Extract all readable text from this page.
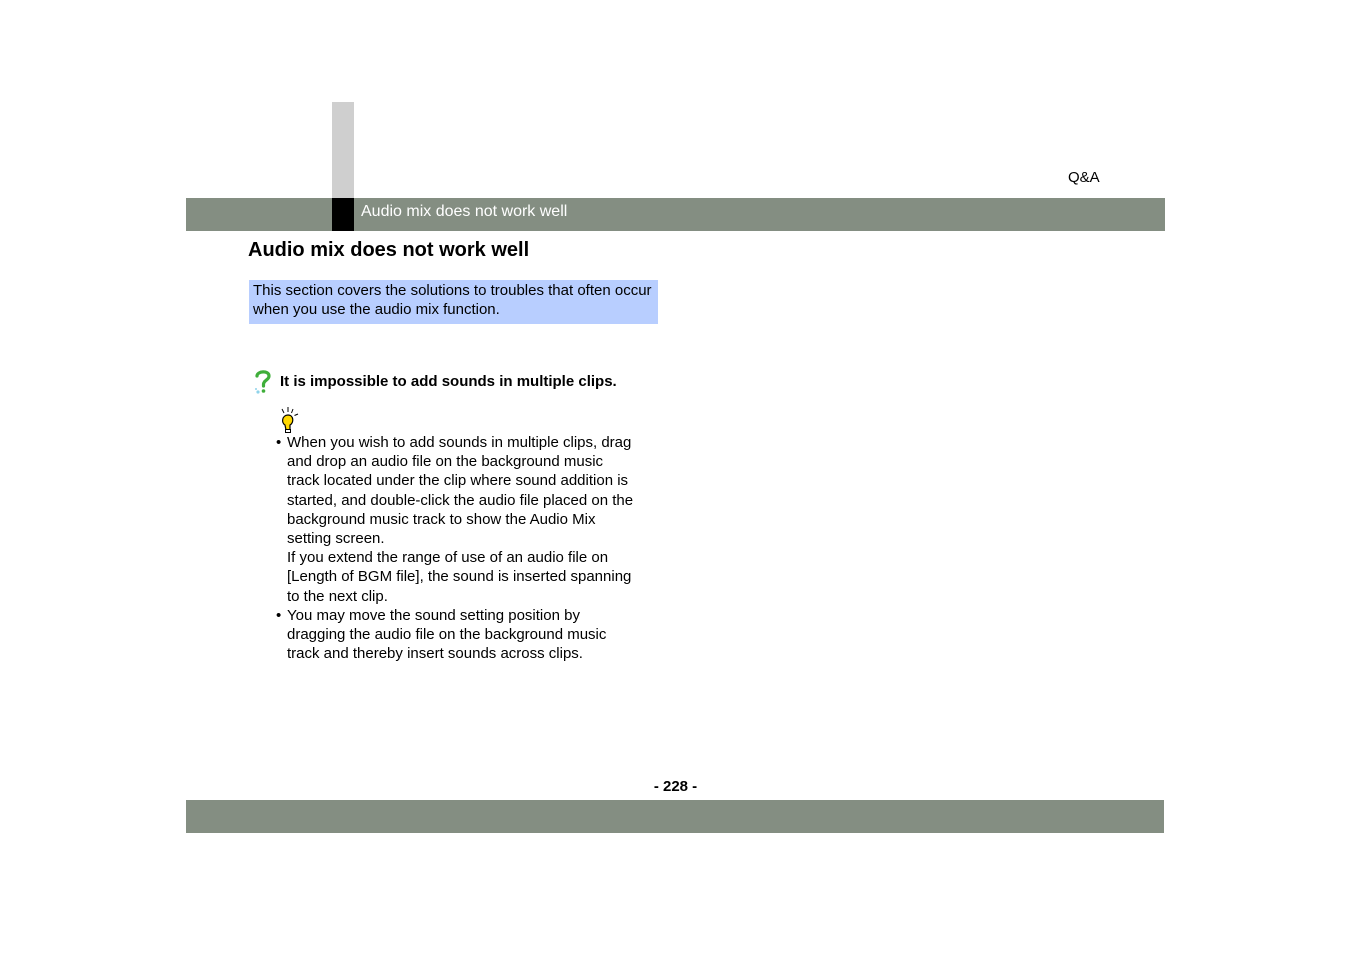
Q&A
Audio mix does not work well
Audio mix does not work well
This section covers the solutions to troubles that often occur when you use the audio mix function.
It is impossible to add sounds in multiple clips.
• When you wish to add sounds in multiple clips, drag
and drop an audio file on the background music
track located under the clip where sound addition is
started, and double-click the audio file placed on the
background music track to show the Audio Mix
setting screen.
If you extend the range of use of an audio file on
[Length of BGM file], the sound is inserted spanning
to the next clip.
• You may move the sound setting position by
dragging the audio file on the background music
track and thereby insert sounds across clips.
- 228 -
